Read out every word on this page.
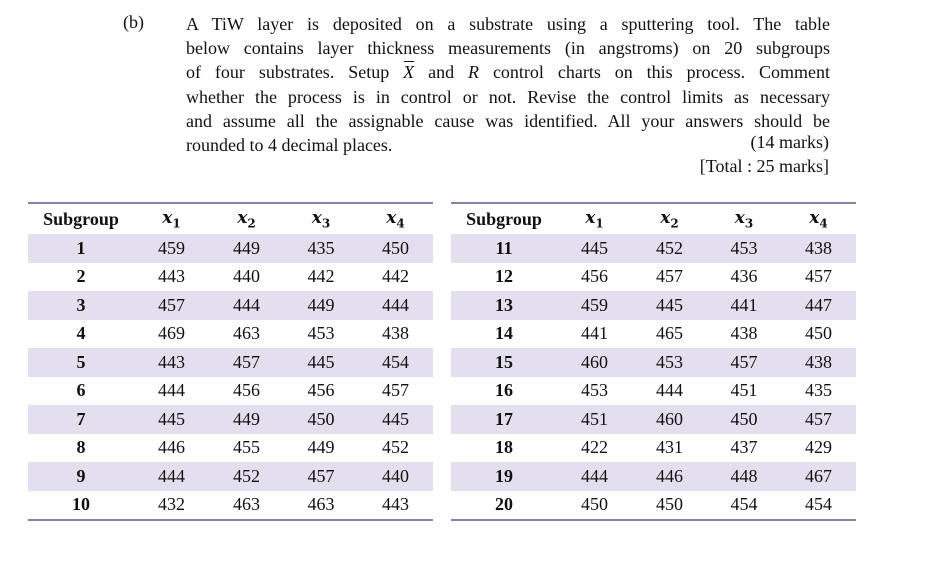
(b) A TiW layer is deposited on a substrate using a sputtering tool. The table
below contains layer thickness measurements (in angstroms) on 20 subgroups
of four substrates. Setup X and R control charts on this process. Comment
whether the process is in control or not. Revise the control limits as necessary
and assume all the assignable cause was identified. All your answers should be
rounded to 4 decimal places.	(14 marks)
[Total : 25 marks]
Subgroup	$x_1$	$x_2$	$x_3$	$x_4$
1	459	449	435	450
2	443	440	442	442
3	457	444	449	444
4	469	463	453	438
5	443	457	445	454
6	444	456	456	457
7	445	449	450	445
8	446	455	449	452
9	444	452	457	440
10	432	463	463	443
Subgroup	$x_1$	$x_2$	$x_3$	$x_4$
11	445	452	453	438
12	456	457	436	457
13	459	445	441	447
14	441	465	438	450
15	460	453	457	438
16	453	444	451	435
17	451	460	450	457
18	422	431	437	429
19	444	446	448	467
20	450	450	454	454
